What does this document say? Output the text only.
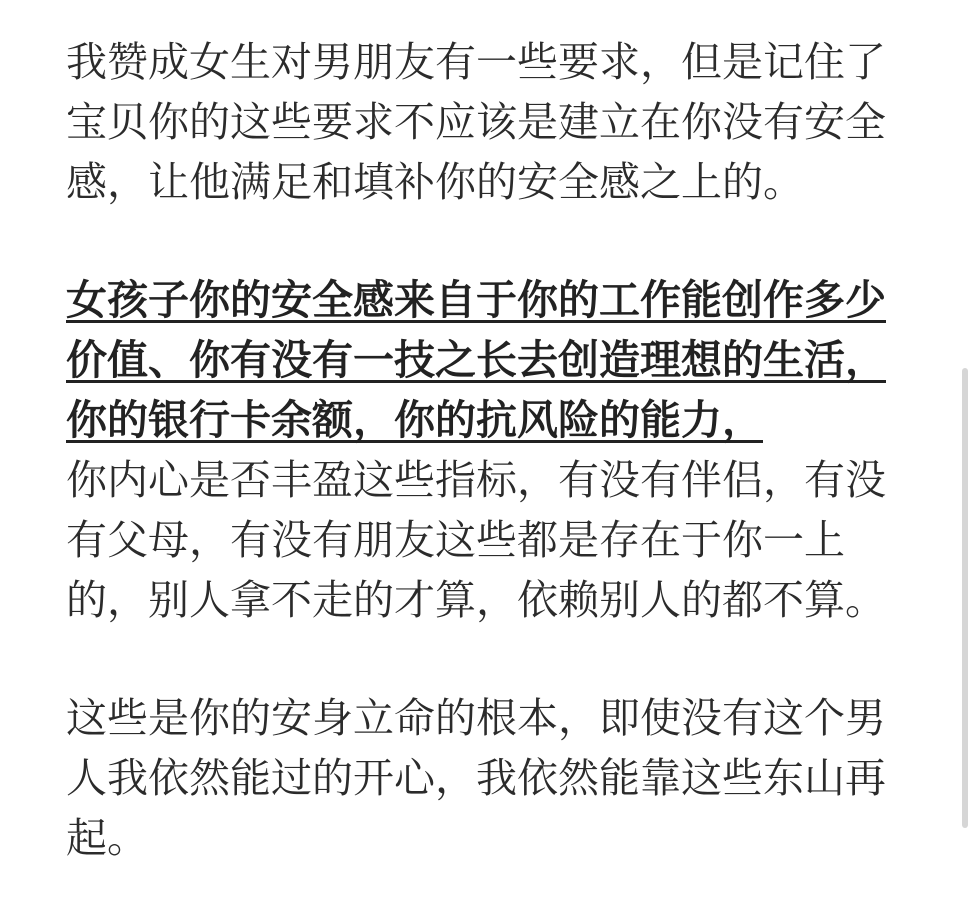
我赞成女生对男朋友有一些要求，但是记住了
宝贝你的这些要求不应该是建立在你没有安全
感，让他满足和填补你的安全感之上的。

女孩子你的安全感来自于你的工作能创作多少
价值、你有没有一技之长去创造理想的生活，
你的银行卡余额，你的抗风险的能力，
你内心是否丰盈这些指标，有没有伴侣，有没
有父母，有没有朋友这些都是存在于你一上
的，别人拿不走的才算，依赖别人的都不算。

这些是你的安身立命的根本，即使没有这个男
人我依然能过的开心，我依然能靠这些东山再
起。
